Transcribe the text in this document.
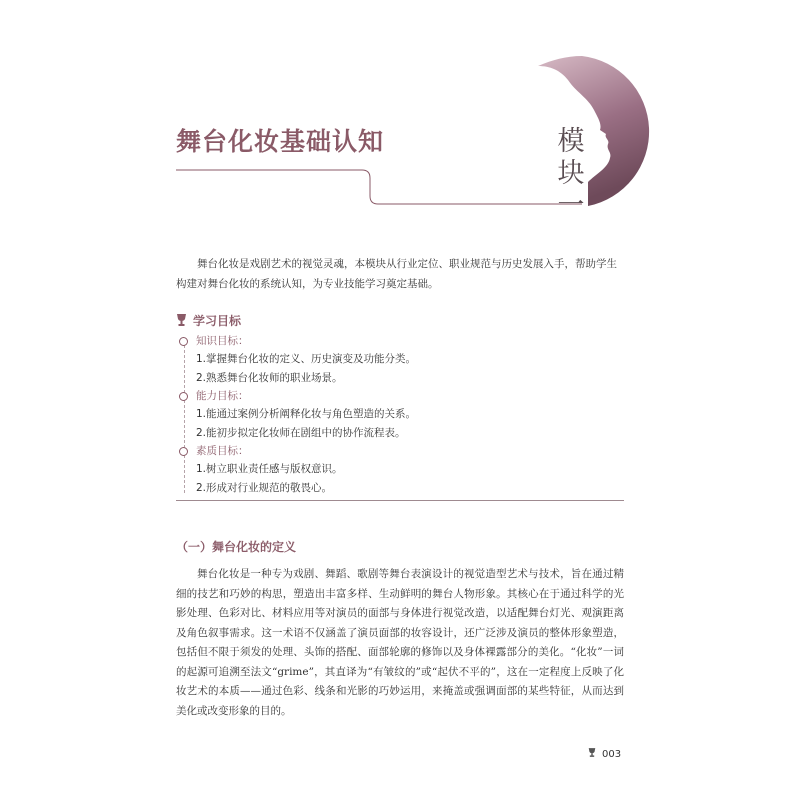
舞台化妆基础认知	模
块
一

舞台化妆是戏剧艺术的视觉灵魂，本模块从行业定位、职业规范与历史发展入手，帮助学生构建对舞台化妆的系统认知，为专业技能学习奠定基础。

学习目标
知识目标：
1.掌握舞台化妆的定义、历史演变及功能分类。
2.熟悉舞台化妆师的职业场景。
能力目标：
1.能通过案例分析阐释化妆与角色塑造的关系。
2.能初步拟定化妆师在剧组中的协作流程表。
素质目标：
1.树立职业责任感与版权意识。
2.形成对行业规范的敬畏心。
（一）舞台化妆的定义

舞台化妆是一种专为戏剧、舞蹈、歌剧等舞台表演设计的视觉造型艺术与技术，旨在通过精细的技艺和巧妙的构思，塑造出丰富多样、生动鲜明的舞台人物形象。其核心在于通过科学的光影处理、色彩对比、材料应用等对演员的面部与身体进行视觉改造，以适配舞台灯光、观演距离及角色叙事需求。这一术语不仅涵盖了演员面部的妆容设计，还广泛涉及演员的整体形象塑造，包括但不限于须发的处理、头饰的搭配、面部轮廓的修饰以及身体裸露部分的美化。“化妆”一词的起源可追溯至法文“grime”，其直译为“有皱纹的”或“起伏不平的”，这在一定程度上反映了化妆艺术的本质——通过色彩、线条和光影的巧妙运用，来掩盖或强调面部的某些特征，从而达到美化或改变形象的目的。

003
